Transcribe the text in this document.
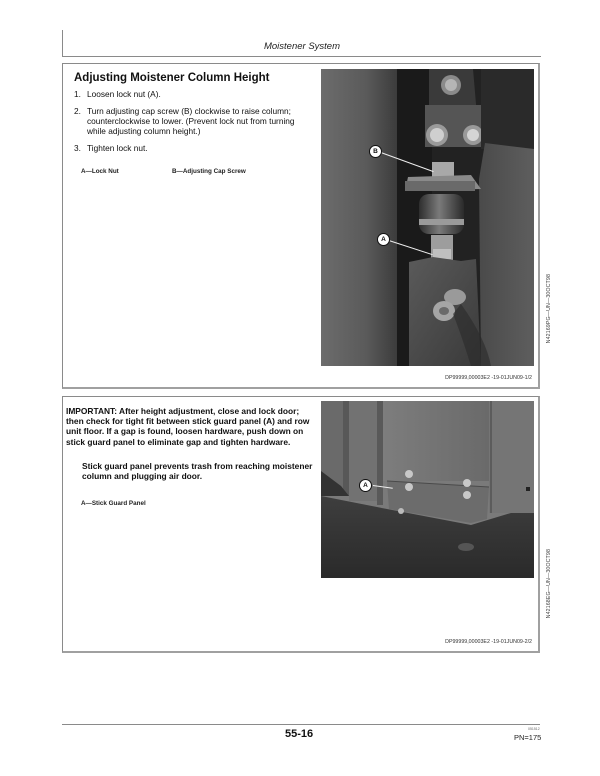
Moistener System
Adjusting Moistener Column Height
1. Loosen lock nut (A).
2. Turn adjusting cap screw (B) clockwise to raise column; counterclockwise to lower. (Prevent lock nut from turning while adjusting column height.)
3. Tighten lock nut.
A—Lock Nut	B—Adjusting Cap Screw
B
A
N42169PG—UN—30OCT98
DP99999,00003E2 -19-01JUN09-1/2
IMPORTANT: After height adjustment, close and lock door; then check for tight fit between stick guard panel (A) and row unit floor. If a gap is found, loosen hardware, push down on stick guard panel to eliminate gap and tighten hardware.
Stick guard panel prevents trash from reaching moistener column and plugging air door.
A—Stick Guard Panel
A
N42168EG—UN—30OCT98
DP99999,00003E2 -19-01JUN09-2/2
55-16	051512
PN=175
